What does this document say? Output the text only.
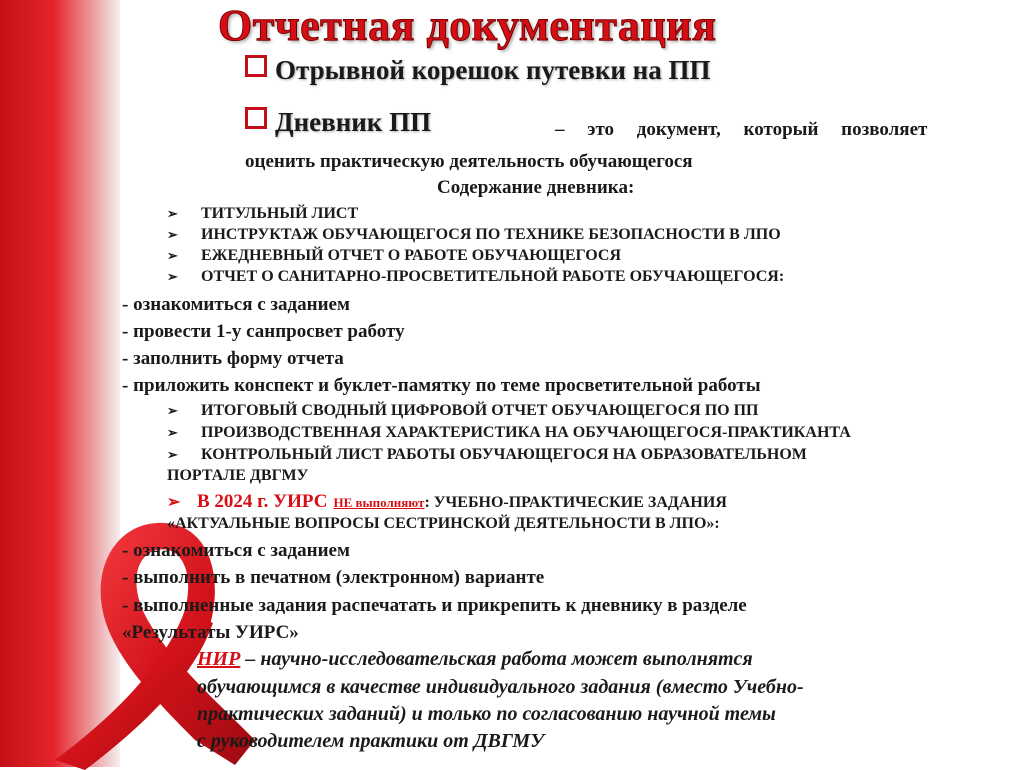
Отчетная документация
Отрывной корешок путевки на ПП
Дневник ПП	– это документ, который позволяет
оценить практическую деятельность обучающегося
Содержание дневника:
➢ ТИТУЛЬНЫЙ ЛИСТ
➢ ИНСТРУКТАЖ ОБУЧАЮЩЕГОСЯ ПО ТЕХНИКЕ БЕЗОПАСНОСТИ В ЛПО
➢ ЕЖЕДНЕВНЫЙ ОТЧЕТ О РАБОТЕ ОБУЧАЮЩЕГОСЯ
➢ ОТЧЕТ О САНИТАРНО-ПРОСВЕТИТЕЛЬНОЙ РАБОТЕ ОБУЧАЮЩЕГОСЯ:
- ознакомиться с заданием
- провести 1-у санпросвет работу
- заполнить форму отчета
- приложить конспект и буклет-памятку по теме просветительной работы
➢ ИТОГОВЫЙ СВОДНЫЙ ЦИФРОВОЙ ОТЧЕТ ОБУЧАЮЩЕГОСЯ ПО ПП
➢ ПРОИЗВОДСТВЕННАЯ ХАРАКТЕРИСТИКА НА ОБУЧАЮЩЕГОСЯ-ПРАКТИКАНТА
➢ КОНТРОЛЬНЫЙ ЛИСТ РАБОТЫ ОБУЧАЮЩЕГОСЯ НА ОБРАЗОВАТЕЛЬНОМ
ПОРТАЛЕ ДВГМУ
➢ В 2024 г. УИРС НЕ выполняют: УЧЕБНО-ПРАКТИЧЕСКИЕ ЗАДАНИЯ
«АКТУАЛЬНЫЕ ВОПРОСЫ СЕСТРИНСКОЙ ДЕЯТЕЛЬНОСТИ В ЛПО»:
- ознакомиться с заданием
- выполнить в печатном (электронном) варианте
- выполненные задания распечатать и прикрепить к дневнику в разделе
«Результаты УИРС»
➢ НИР – научно-исследовательская работа может выполнятся
обучающимся в качестве индивидуального задания (вместо Учебно-
практических заданий) и только по согласованию научной темы
с руководителем практики от ДВГМУ
